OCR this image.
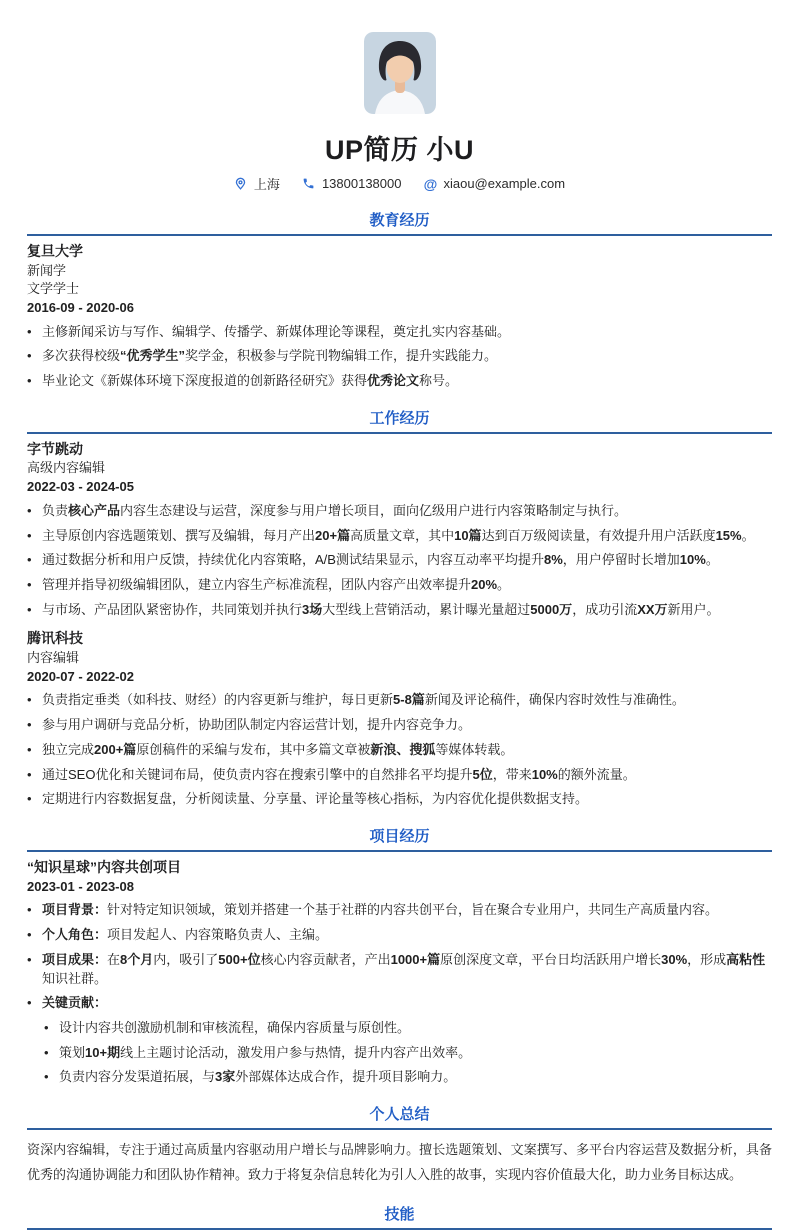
UP简历 小U
上海	13800138000 @ xiaou@example.com
教育经历
复旦大学

新闻学

文学学士

2016-09 - 2020-06

• 主修新闻采访与写作、编辑学、传播学、新媒体理论等课程，奠定扎实内容基础。
• 多次获得校级“优秀学生”奖学金，积极参与学院刊物编辑工作，提升实践能力。
• 毕业论文《新媒体环境下深度报道的创新路径研究》获得优秀论文称号。
工作经历
字节跳动

高级内容编辑

2022-03 - 2024-05

• 负责核心产品内容生态建设与运营，深度参与用户增长项目，面向亿级用户进行内容策略制定与执行。
• 主导原创内容选题策划、撰写及编辑，每月产出20+篇高质量文章，其中10篇达到百万级阅读量，有效提升用户活跃度15%。
• 通过数据分析和用户反馈，持续优化内容策略，A/B测试结果显示，内容互动率平均提升8%，用户停留时长增加10%。
• 管理并指导初级编辑团队，建立内容生产标准流程，团队内容产出效率提升20%。
• 与市场、产品团队紧密协作，共同策划并执行3场大型线上营销活动，累计曝光量超过5000万，成功引流XX万新用户。
腾讯科技

内容编辑

2020-07 - 2022-02

• 负责指定垂类（如科技、财经）的内容更新与维护，每日更新5-8篇新闻及评论稿件，确保内容时效性与准确性。
• 参与用户调研与竞品分析，协助团队制定内容运营计划，提升内容竞争力。
• 独立完成200+篇原创稿件的采编与发布，其中多篇文章被新浪、搜狐等媒体转载。
• 通过SEO优化和关键词布局，使负责内容在搜索引擎中的自然排名平均提升5位，带来10%的额外流量。
• 定期进行内容数据复盘，分析阅读量、分享量、评论量等核心指标，为内容优化提供数据支持。
项目经历
“知识星球”内容共创项目

2023-01 - 2023-08

• 项目背景：针对特定知识领域，策划并搭建一个基于社群的内容共创平台，旨在聚合专业用户，共同生产高质量内容。
• 个人角色：项目发起人、内容策略负责人、主编。
• 项目成果：在8个月内，吸引了500+位核心内容贡献者，产出1000+篇原创深度文章，平台日均活跃用户增长30%，形成高粘性知识社群。
• 关键贡献：
• 设计内容共创激励机制和审核流程，确保内容质量与原创性。
• 策划10+期线上主题讨论活动，激发用户参与热情，提升内容产出效率。
• 负责内容分发渠道拓展，与3家外部媒体达成合作，提升项目影响力。
个人总结

资深内容编辑，专注于通过高质量内容驱动用户增长与品牌影响力。擅长选题策划、文案撰写、多平台内容运营及数据分析，具备优秀的沟通协调能力和团队协作精神。致力于将复杂信息转化为引人入胜的故事，实现内容价值最大化，助力业务目标达成。

技能
